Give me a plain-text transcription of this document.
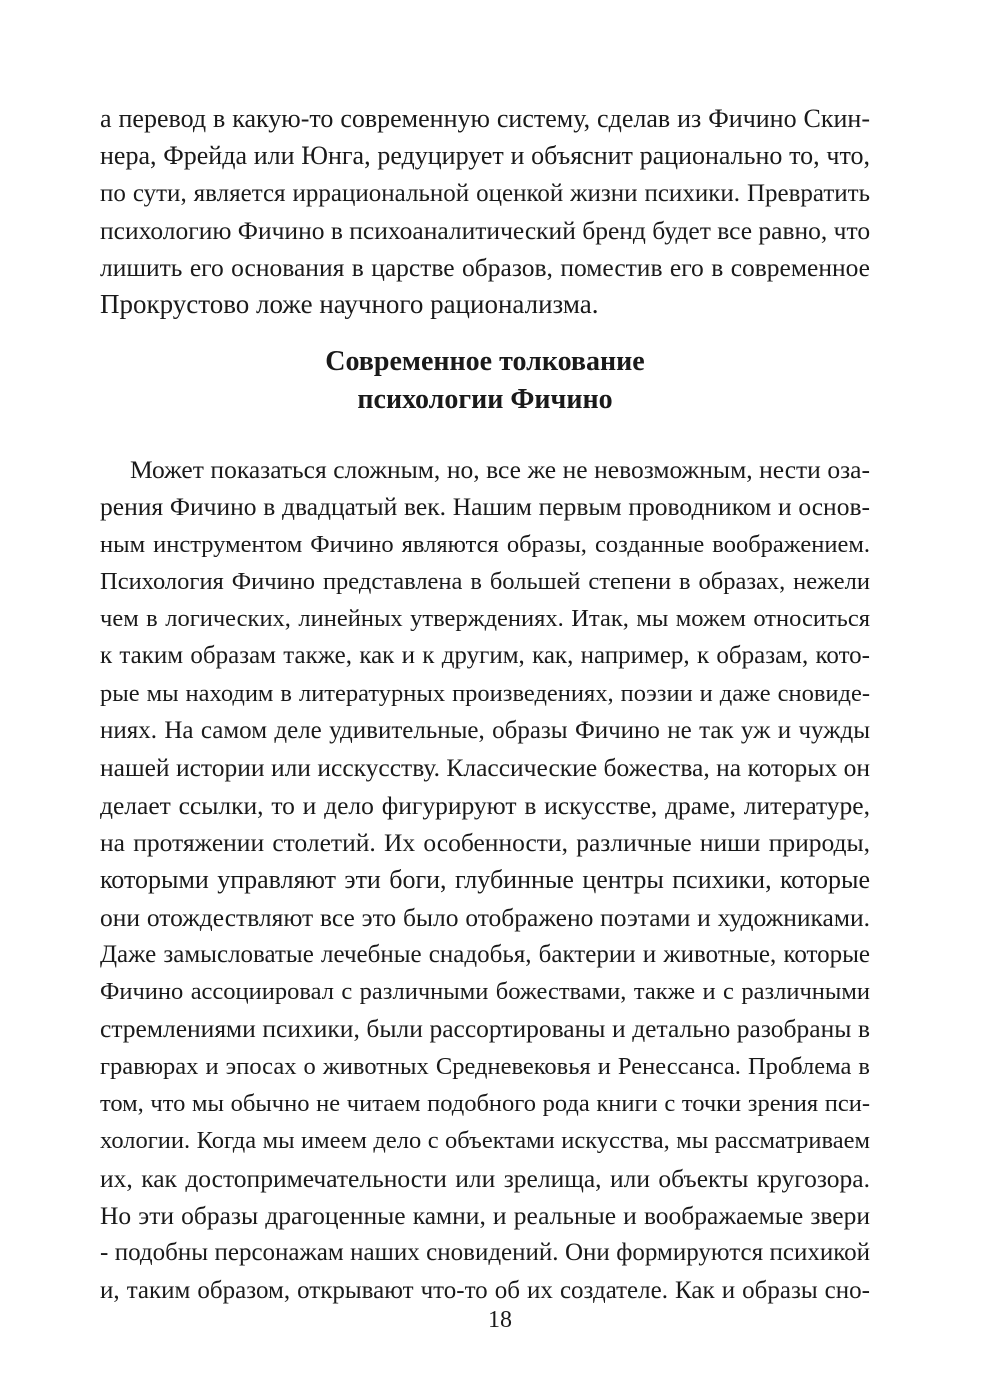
а перевод в какую-то современную систему, сделав из Фичино Скин-
нера, Фрейда или Юнга, редуцирует и объяснит рационально то, что,
по сути, является иррациональной оценкой жизни психики. Превратить
психологию Фичино в психоаналитический бренд будет все равно, что
лишить его основания в царстве образов, поместив его в современное
Прокрустово ложе научного рационализма.
Современное толкование
психологии Фичино
Может показаться сложным, но, все же не невозможным, нести оза-
рения Фичино в двадцатый век. Нашим первым проводником и основ-
ным инструментом Фичино являются образы, созданные воображением.
Психология Фичино представлена в большей степени в образах, нежели
чем в логических, линейных утверждениях. Итак, мы можем относиться
к таким образам также, как и к другим, как, например, к образам, кото-
рые мы находим в литературных произведениях, поэзии и даже сновиде-
ниях. На самом деле удивительные, образы Фичино не так уж и чужды
нашей истории или исскусству. Классические божества, на которых он
делает ссылки, то и дело фигурируют в искусстве, драме, литературе,
на протяжении столетий. Их особенности, различные ниши природы,
которыми управляют эти боги, глубинные центры психики, которые
они отождествляют все это было отображено поэтами и художниками.
Даже замысловатые лечебные снадобья, бактерии и животные, которые
Фичино ассоциировал с различными божествами, также и с различными
стремлениями психики, были рассортированы и детально разобраны в
гравюрах и эпосах о животных Средневековья и Ренессанса. Проблема в
том, что мы обычно не читаем подобного рода книги с точки зрения пси-
хологии. Когда мы имеем дело с объектами искусства, мы рассматриваем
их, как достопримечательности или зрелища, или объекты кругозора.
Но эти образы драгоценные камни, и реальные и воображаемые звери
- подобны персонажам наших сновидений. Они формируются психикой
и, таким образом, открывают что-то об их создателе. Как и образы сно-
18
